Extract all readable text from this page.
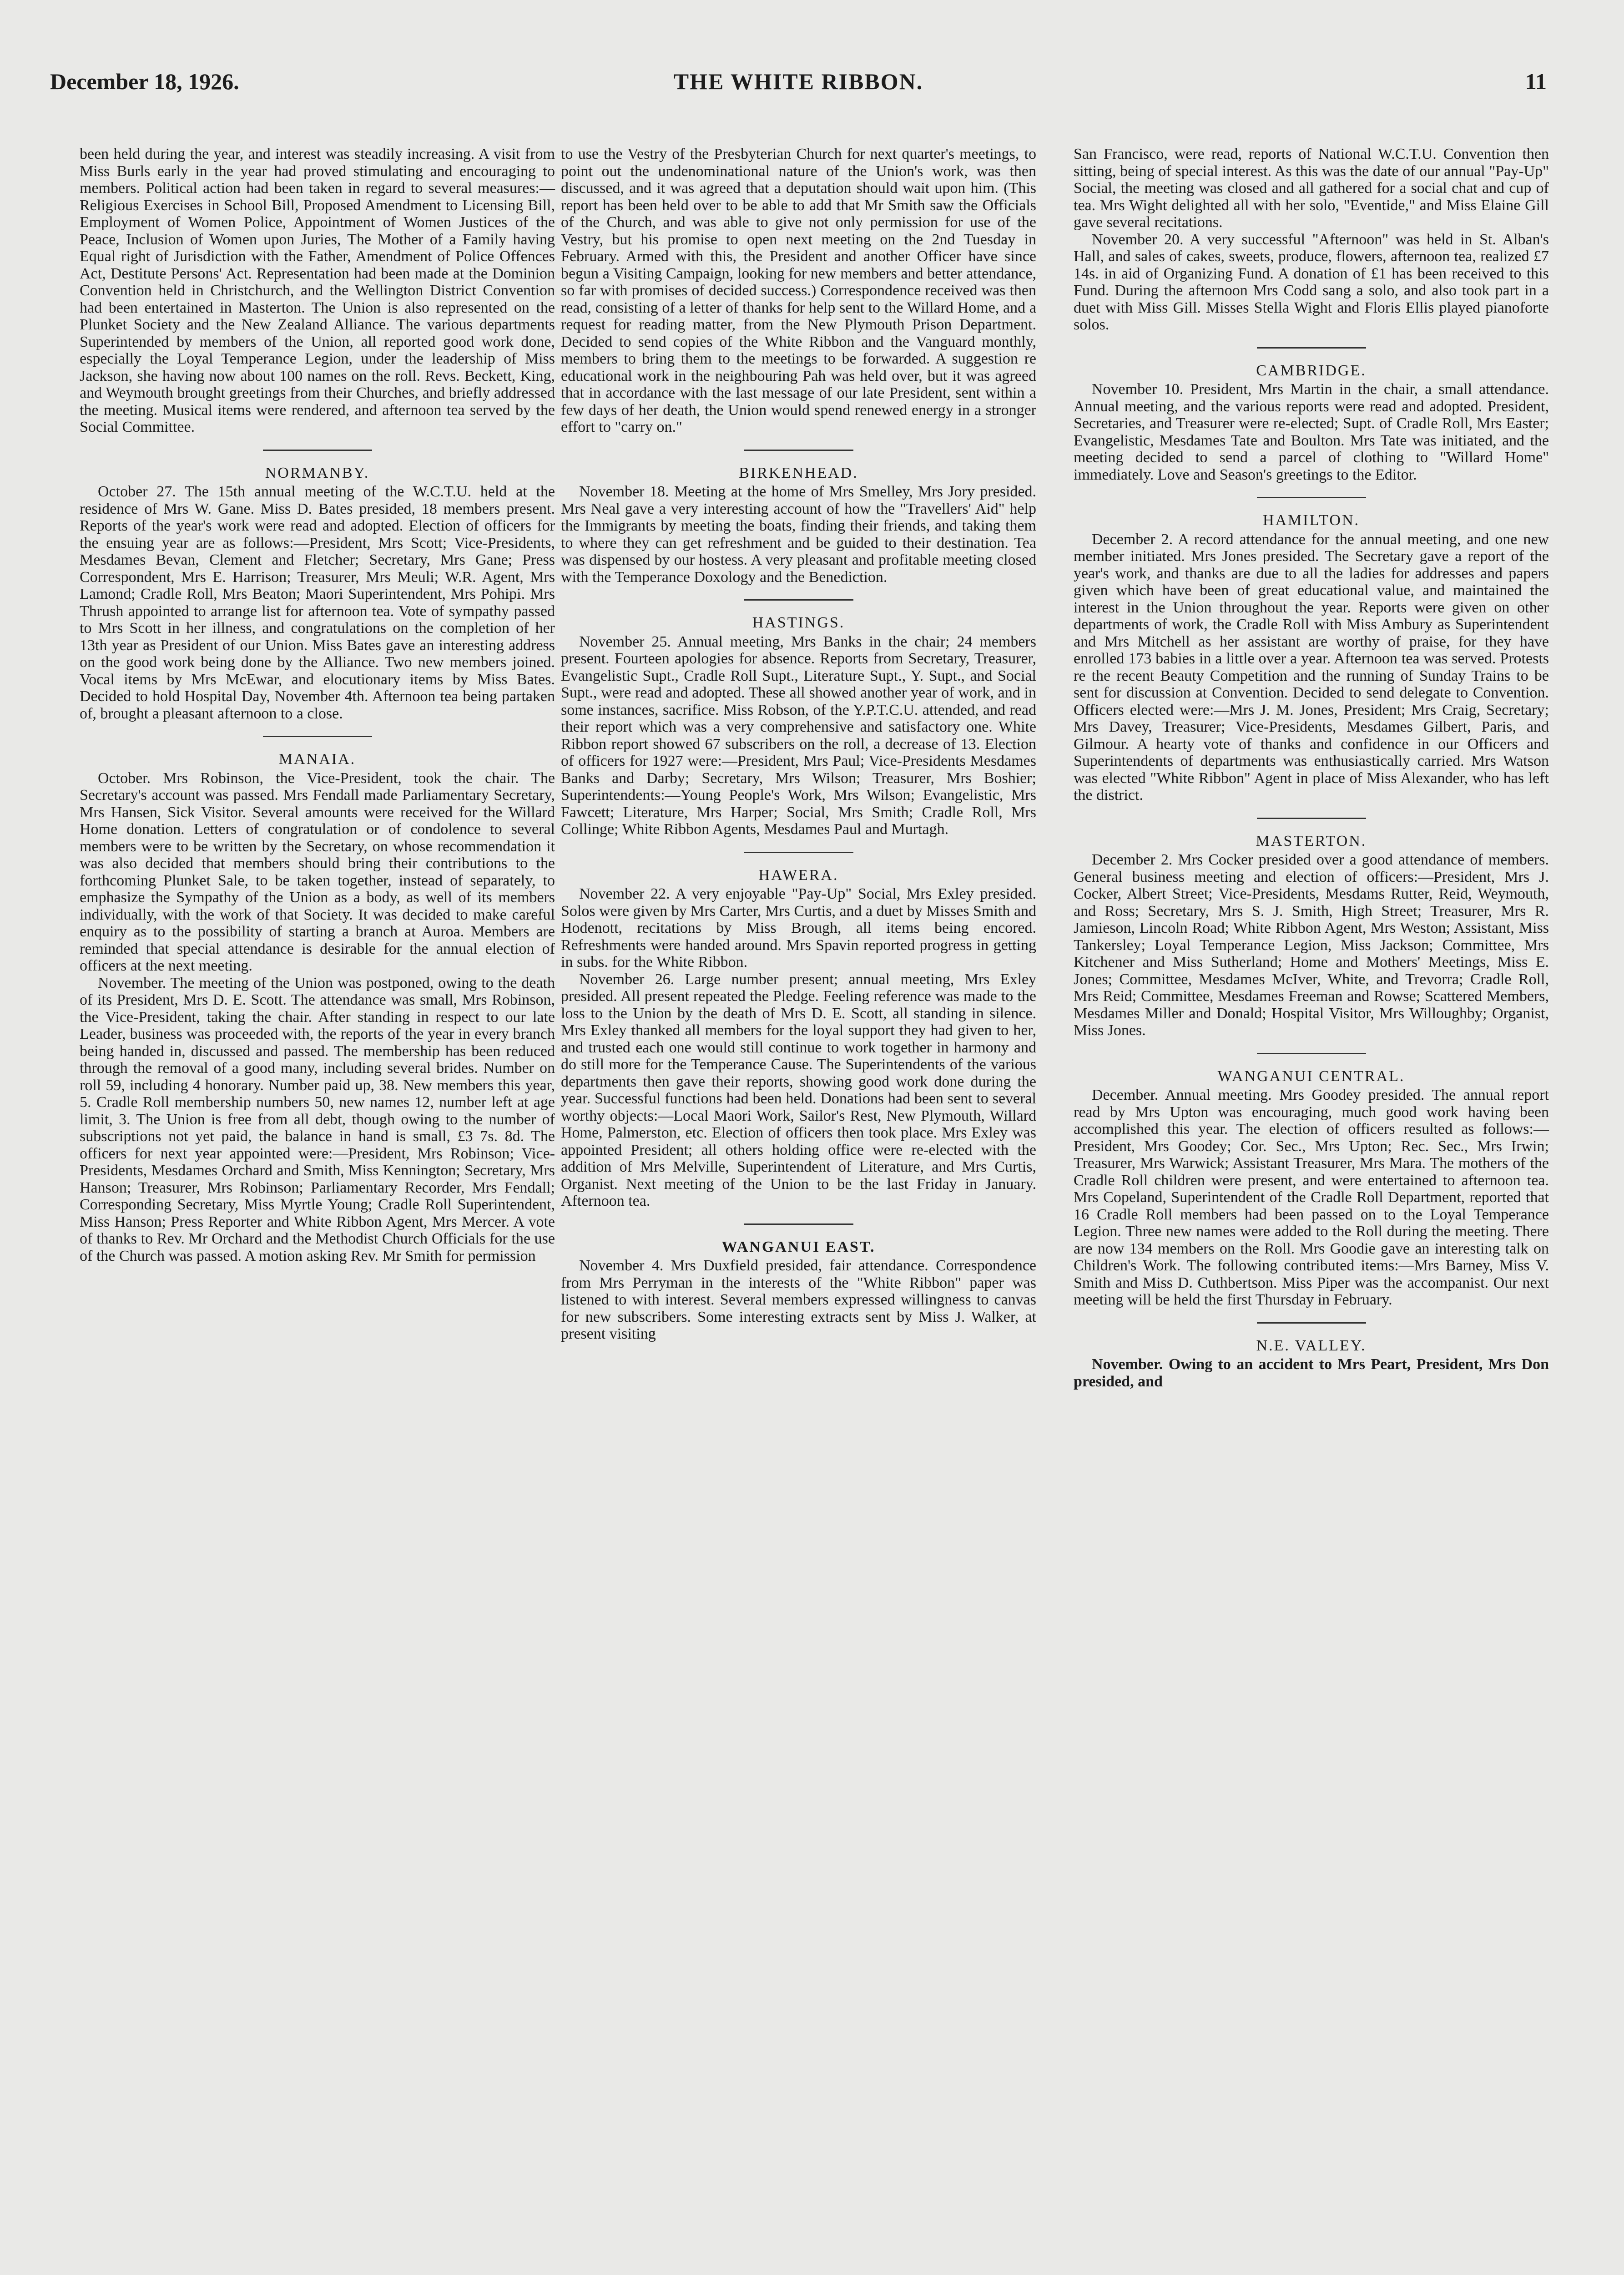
THE WHITE RIBBON.
December 18, 1926.	11

been held during the year, and interest was steadily increasing. A visit from Miss Burls early in the year had proved stimulating and encouraging to members. Political action had been taken in regard to several measures:—Religious Exercises in School Bill, Proposed Amendment to Licensing Bill, Employment of Women Police, Appointment of Women Justices of the Peace, Inclusion of Women upon Juries, The Mother of a Family having Equal right of Jurisdiction with the Father, Amendment of Police Offences Act, Destitute Persons' Act. Representation had been made at the Dominion Convention held in Christchurch, and the Wellington District Convention had been entertained in Masterton. The Union is also represented on the Plunket Society and the New Zealand Alliance. The various departments Superintended by members of the Union, all reported good work done, especially the Loyal Temperance Legion, under the leadership of Miss Jackson, she having now about 100 names on the roll. Revs. Beckett, King, and Weymouth brought greetings from their Churches, and briefly addressed the meeting. Musical items were rendered, and afternoon tea served by the Social Committee.

NORMANBY.

October 27. The 15th annual meeting of the W.C.T.U. held at the residence of Mrs W. Gane. Miss D. Bates presided, 18 members present. Reports of the year's work were read and adopted. Election of officers for the ensuing year are as follows:—President, Mrs Scott; Vice-Presidents, Mesdames Bevan, Clement and Fletcher; Secretary, Mrs Gane; Press Correspondent, Mrs E. Harrison; Treasurer, Mrs Meuli; W.R. Agent, Mrs Lamond; Cradle Roll, Mrs Beaton; Maori Superintendent, Mrs Pohipi. Mrs Thrush appointed to arrange list for afternoon tea. Vote of sympathy passed to Mrs Scott in her illness, and congratulations on the completion of her 13th year as President of our Union. Miss Bates gave an interesting address on the good work being done by the Alliance. Two new members joined. Vocal items by Mrs McEwar, and elocutionary items by Miss Bates. Decided to hold Hospital Day, November 4th. Afternoon tea being partaken of, brought a pleasant afternoon to a close.

MANAIA.

October. Mrs Robinson, the Vice-President, took the chair. The Secretary's account was passed. Mrs Fendall made Parliamentary Secretary, Mrs Hansen, Sick Visitor. Several amounts were received for the Willard Home donation. Letters of congratulation or of condolence to several members were to be written by the Secretary, on whose recommendation it was also decided that members should bring their contributions to the forthcoming Plunket Sale, to be taken together, instead of separately, to emphasize the Sympathy of the Union as a body, as well of its members individually, with the work of that Society. It was decided to make careful enquiry as to the possibility of starting a branch at Auroa. Members are reminded that special attendance is desirable for the annual election of officers at the next meeting.

November. The meeting of the Union was postponed, owing to the death of its President, Mrs D. E. Scott. The attendance was small, Mrs Robinson, the Vice-President, taking the chair. After standing in respect to our late Leader, business was proceeded with, the reports of the year in every branch being handed in, discussed and passed. The membership has been reduced through the removal of a good many, including several brides. Number on roll 59, including 4 honorary. Number paid up, 38. New members this year, 5. Cradle Roll membership numbers 50, new names 12, number left at age limit, 3. The Union is free from all debt, though owing to the number of subscriptions not yet paid, the balance in hand is small, £3 7s. 8d. The officers for next year appointed were:—President, Mrs Robinson; Vice-Presidents, Mesdames Orchard and Smith, Miss Kennington; Secretary, Mrs Hanson; Treasurer, Mrs Robinson; Parliamentary Recorder, Mrs Fendall; Corresponding Secretary, Miss Myrtle Young; Cradle Roll Superintendent, Miss Hanson; Press Reporter and White Ribbon Agent, Mrs Mercer. A vote of thanks to Rev. Mr Orchard and the Methodist Church Officials for the use of the Church was passed. A motion asking Rev. Mr Smith for permission

to use the Vestry of the Presbyterian Church for next quarter's meetings, to point out the undenominational nature of the Union's work, was then discussed, and it was agreed that a deputation should wait upon him. (This report has been held over to be able to add that Mr Smith saw the Officials of the Church, and was able to give not only permission for use of the Vestry, but his promise to open next meeting on the 2nd Tuesday in February. Armed with this, the President and another Officer have since begun a Visiting Campaign, looking for new members and better attendance, so far with promises of decided success.) Correspondence received was then read, consisting of a letter of thanks for help sent to the Willard Home, and a request for reading matter, from the New Plymouth Prison Department. Decided to send copies of the White Ribbon and the Vanguard monthly, members to bring them to the meetings to be forwarded. A suggestion re educational work in the neighbouring Pah was held over, but it was agreed that in accordance with the last message of our late President, sent within a few days of her death, the Union would spend renewed energy in a stronger effort to "carry on."

BIRKENHEAD.

November 18. Meeting at the home of Mrs Smelley, Mrs Jory presided. Mrs Neal gave a very interesting account of how the "Travellers' Aid" help the Immigrants by meeting the boats, finding their friends, and taking them to where they can get refreshment and be guided to their destination. Tea was dispensed by our hostess. A very pleasant and profitable meeting closed with the Temperance Doxology and the Benediction.

HASTINGS.

November 25. Annual meeting, Mrs Banks in the chair; 24 members present. Fourteen apologies for absence. Reports from Secretary, Treasurer, Evangelistic Supt., Cradle Roll Supt., Literature Supt., Y. Supt., and Social Supt., were read and adopted. These all showed another year of work, and in some instances, sacrifice. Miss Robson, of the Y.P.T.C.U. attended, and read their report which was a very comprehensive and satisfactory one. White Ribbon report showed 67 subscribers on the roll, a decrease of 13. Election of officers for 1927 were:—President, Mrs Paul; Vice-Presidents Mesdames Banks and Darby; Secretary, Mrs Wilson; Treasurer, Mrs Boshier; Superintendents:—Young People's Work, Mrs Wilson; Evangelistic, Mrs Fawcett; Literature, Mrs Harper; Social, Mrs Smith; Cradle Roll, Mrs Collinge; White Ribbon Agents, Mesdames Paul and Murtagh.

HAWERA.

November 22. A very enjoyable "Pay-Up" Social, Mrs Exley presided. Solos were given by Mrs Carter, Mrs Curtis, and a duet by Misses Smith and Hodenott, recitations by Miss Brough, all items being encored. Refreshments were handed around. Mrs Spavin reported progress in getting in subs. for the White Ribbon.

November 26. Large number present; annual meeting, Mrs Exley presided. All present repeated the Pledge. Feeling reference was made to the loss to the Union by the death of Mrs D. E. Scott, all standing in silence. Mrs Exley thanked all members for the loyal support they had given to her, and trusted each one would still continue to work together in harmony and do still more for the Temperance Cause. The Superintendents of the various departments then gave their reports, showing good work done during the year. Successful functions had been held. Donations had been sent to several worthy objects:—Local Maori Work, Sailor's Rest, New Plymouth, Willard Home, Palmerston, etc. Election of officers then took place. Mrs Exley was appointed President; all others holding office were re-elected with the addition of Mrs Melville, Superintendent of Literature, and Mrs Curtis, Organist. Next meeting of the Union to be the last Friday in January. Afternoon tea.

WANGANUI EAST.

November 4. Mrs Duxfield presided, fair attendance. Correspondence from Mrs Perryman in the interests of the "White Ribbon" paper was listened to with interest. Several members expressed willingness to canvas for new subscribers. Some interesting extracts sent by Miss J. Walker, at present visiting

San Francisco, were read, reports of National W.C.T.U. Convention then sitting, being of special interest. As this was the date of our annual "Pay-Up" Social, the meeting was closed and all gathered for a social chat and cup of tea. Mrs Wight delighted all with her solo, "Eventide," and Miss Elaine Gill gave several recitations.

November 20. A very successful "Afternoon" was held in St. Alban's Hall, and sales of cakes, sweets, produce, flowers, afternoon tea, realized £7 14s. in aid of Organizing Fund. A donation of £1 has been received to this Fund. During the afternoon Mrs Codd sang a solo, and also took part in a duet with Miss Gill. Misses Stella Wight and Floris Ellis played pianoforte solos.

CAMBRIDGE.

November 10. President, Mrs Martin in the chair, a small attendance. Annual meeting, and the various reports were read and adopted. President, Secretaries, and Treasurer were re-elected; Supt. of Cradle Roll, Mrs Easter; Evangelistic, Mesdames Tate and Boulton. Mrs Tate was initiated, and the meeting decided to send a parcel of clothing to "Willard Home" immediately. Love and Season's greetings to the Editor.

HAMILTON.

December 2. A record attendance for the annual meeting, and one new member initiated. Mrs Jones presided. The Secretary gave a report of the year's work, and thanks are due to all the ladies for addresses and papers given which have been of great educational value, and maintained the interest in the Union throughout the year. Reports were given on other departments of work, the Cradle Roll with Miss Ambury as Superintendent and Mrs Mitchell as her assistant are worthy of praise, for they have enrolled 173 babies in a little over a year. Afternoon tea was served. Protests re the recent Beauty Competition and the running of Sunday Trains to be sent for discussion at Convention. Decided to send delegate to Convention. Officers elected were:—Mrs J. M. Jones, President; Mrs Craig, Secretary; Mrs Davey, Treasurer; Vice-Presidents, Mesdames Gilbert, Paris, and Gilmour. A hearty vote of thanks and confidence in our Officers and Superintendents of departments was enthusiastically carried. Mrs Watson was elected "White Ribbon" Agent in place of Miss Alexander, who has left the district.

MASTERTON.

December 2. Mrs Cocker presided over a good attendance of members. General business meeting and election of officers:—President, Mrs J. Cocker, Albert Street; Vice-Presidents, Mesdams Rutter, Reid, Weymouth, and Ross; Secretary, Mrs S. J. Smith, High Street; Treasurer, Mrs R. Jamieson, Lincoln Road; White Ribbon Agent, Mrs Weston; Assistant, Miss Tankersley; Loyal Temperance Legion, Miss Jackson; Committee, Mrs Kitchener and Miss Sutherland; Home and Mothers' Meetings, Miss E. Jones; Committee, Mesdames McIver, White, and Trevorra; Cradle Roll, Mrs Reid; Committee, Mesdames Freeman and Rowse; Scattered Members, Mesdames Miller and Donald; Hospital Visitor, Mrs Willoughby; Organist, Miss Jones.

WANGANUI CENTRAL.

December. Annual meeting. Mrs Goodey presided. The annual report read by Mrs Upton was encouraging, much good work having been accomplished this year. The election of officers resulted as follows:—President, Mrs Goodey; Cor. Sec., Mrs Upton; Rec. Sec., Mrs Irwin; Treasurer, Mrs Warwick; Assistant Treasurer, Mrs Mara. The mothers of the Cradle Roll children were present, and were entertained to afternoon tea. Mrs Copeland, Superintendent of the Cradle Roll Department, reported that 16 Cradle Roll members had been passed on to the Loyal Temperance Legion. Three new names were added to the Roll during the meeting. There are now 134 members on the Roll. Mrs Goodie gave an interesting talk on Children's Work. The following contributed items:—Mrs Barney, Miss V. Smith and Miss D. Cuthbertson. Miss Piper was the accompanist. Our next meeting will be held the first Thursday in February.

N.E. VALLEY.

November. Owing to an accident to Mrs Peart, President, Mrs Don presided, and
